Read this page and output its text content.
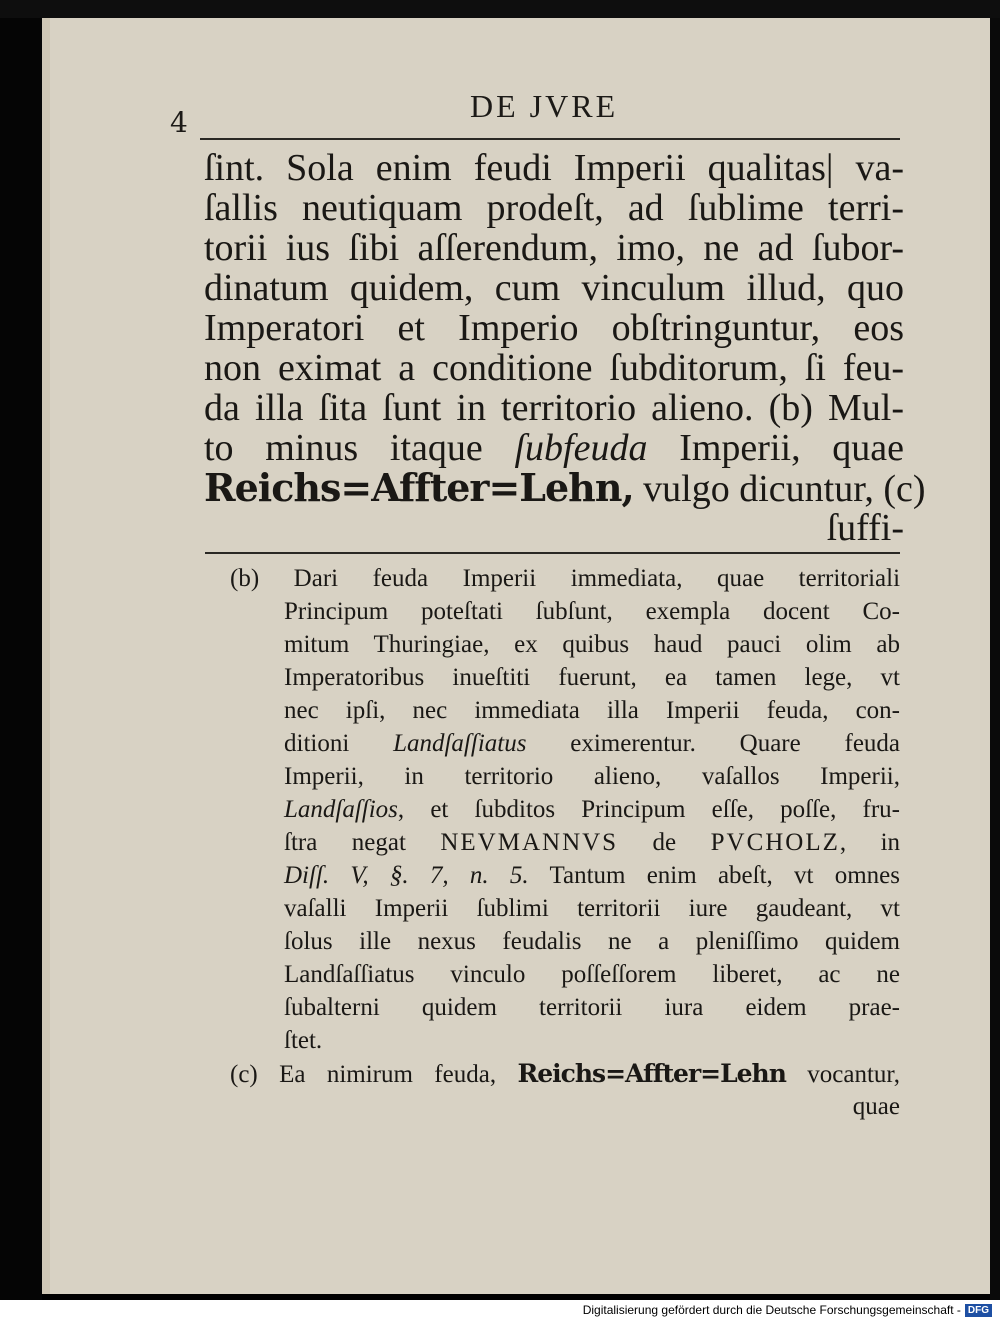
4	DE JVRE
ſint. Sola enim feudi Imperii qualitas| va-
ſallis neutiquam prodeſt, ad ſublime terri-
torii ius ſibi aſſerendum, imo, ne ad ſubor-
dinatum quidem, cum vinculum illud, quo
Imperatori et Imperio obſtringuntur, eos
non eximat a conditione ſubditorum, ſi feu-
da illa ſita ſunt in territorio alieno. (b) Mul-
to minus itaque ſubfeuda Imperii, quae
Reichs=Affter=Lehn, vulgo dicuntur, (c)
ſuffi-
(b) Dari feuda Imperii immediata, quae territoriali
Principum poteſtati ſubſunt, exempla docent Co-
mitum Thuringiae, ex quibus haud pauci olim ab
Imperatoribus inueſtiti fuerunt, ea tamen lege, vt
nec ipſi, nec immediata illa Imperii feuda, con-
ditioni Landſaſſiatus eximerentur. Quare feuda
Imperii, in territorio alieno, vaſallos Imperii,
Landſaſſios, et ſubditos Principum eſſe, poſſe, fru-
ſtra negat NEVMANNVS de PVCHOLZ, in
Diſſ. V, §. 7, n. 5. Tantum enim abeſt, vt omnes
vaſalli Imperii ſublimi territorii iure gaudeant, vt
ſolus ille nexus feudalis ne a pleniſſimo quidem
Landſaſſiatus vinculo poſſeſſorem liberet, ac ne
ſubalterni quidem territorii iura eidem prae-
ſtet.
(c) Ea nimirum feuda, Reichs=Affter=Lehn vocantur,
quae
Digitalisierung gefördert durch die Deutsche Forschungsgemeinschaft - DFG
